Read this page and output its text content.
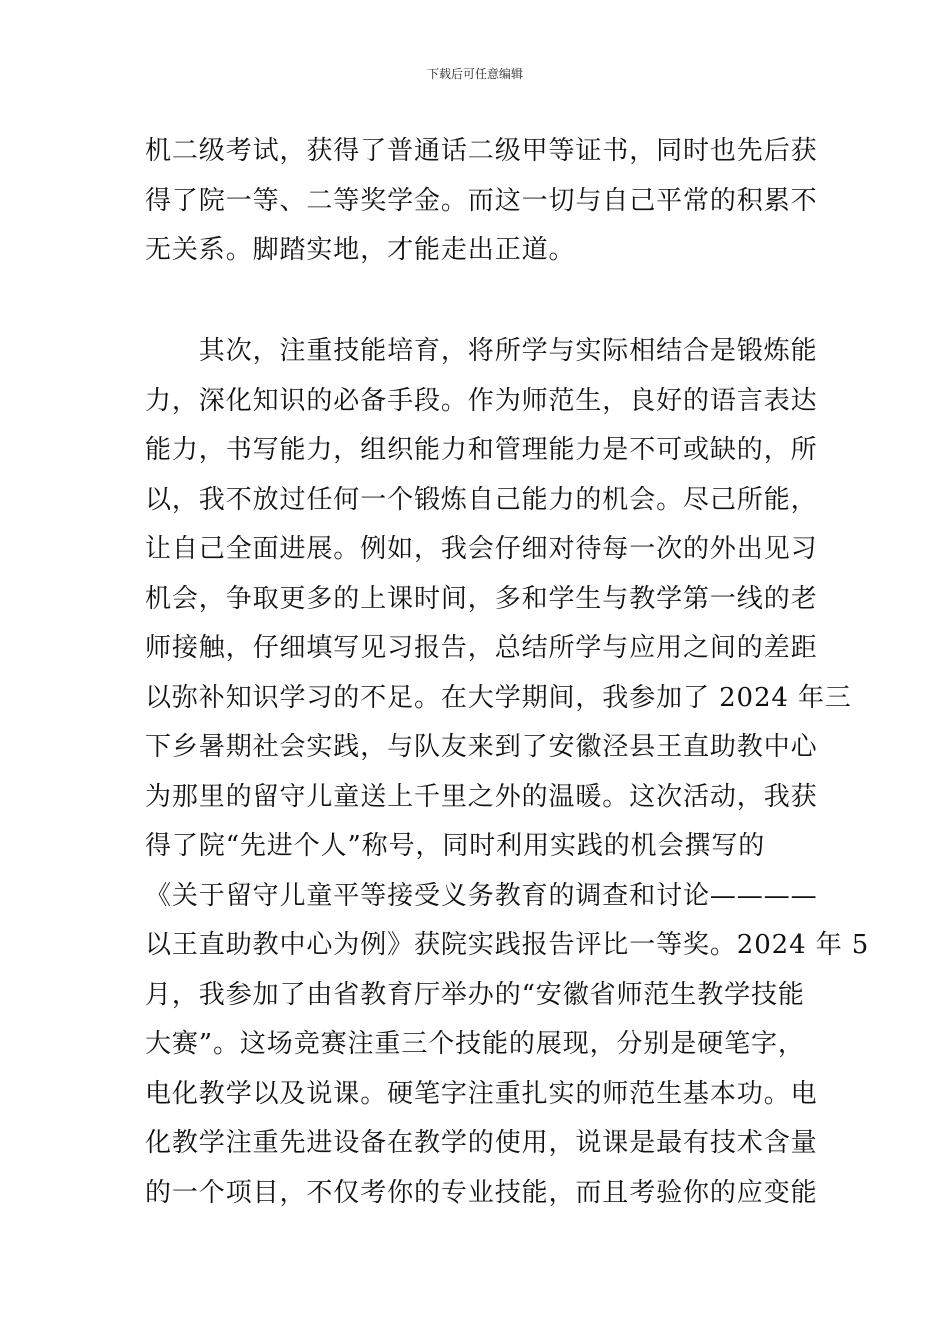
下载后可任意编辑
机二级考试，获得了普通话二级甲等证书，同时也先后获
得了院一等、二等奖学金。而这一切与自己平常的积累不
无关系。脚踏实地，才能走出正道。
　　其次，注重技能培育，将所学与实际相结合是锻炼能
力，深化知识的必备手段。作为师范生，良好的语言表达
能力，书写能力，组织能力和管理能力是不可或缺的，所
以，我不放过任何一个锻炼自己能力的机会。尽己所能，
让自己全面进展。例如，我会仔细对待每一次的外出见习
机会，争取更多的上课时间，多和学生与教学第一线的老
师接触，仔细填写见习报告，总结所学与应用之间的差距
以弥补知识学习的不足。在大学期间，我参加了 2024 年三
下乡暑期社会实践，与队友来到了安徽泾县王直助教中心
为那里的留守儿童送上千里之外的温暖。这次活动，我获
得了院“先进个人”称号，同时利用实践的机会撰写的
《关于留守儿童平等接受义务教育的调查和讨论————
以王直助教中心为例》获院实践报告评比一等奖。2024 年 5
月，我参加了由省教育厅举办的“安徽省师范生教学技能
大赛”。这场竞赛注重三个技能的展现，分别是硬笔字，
电化教学以及说课。硬笔字注重扎实的师范生基本功。电
化教学注重先进设备在教学的使用，说课是最有技术含量
的一个项目，不仅考你的专业技能，而且考验你的应变能
